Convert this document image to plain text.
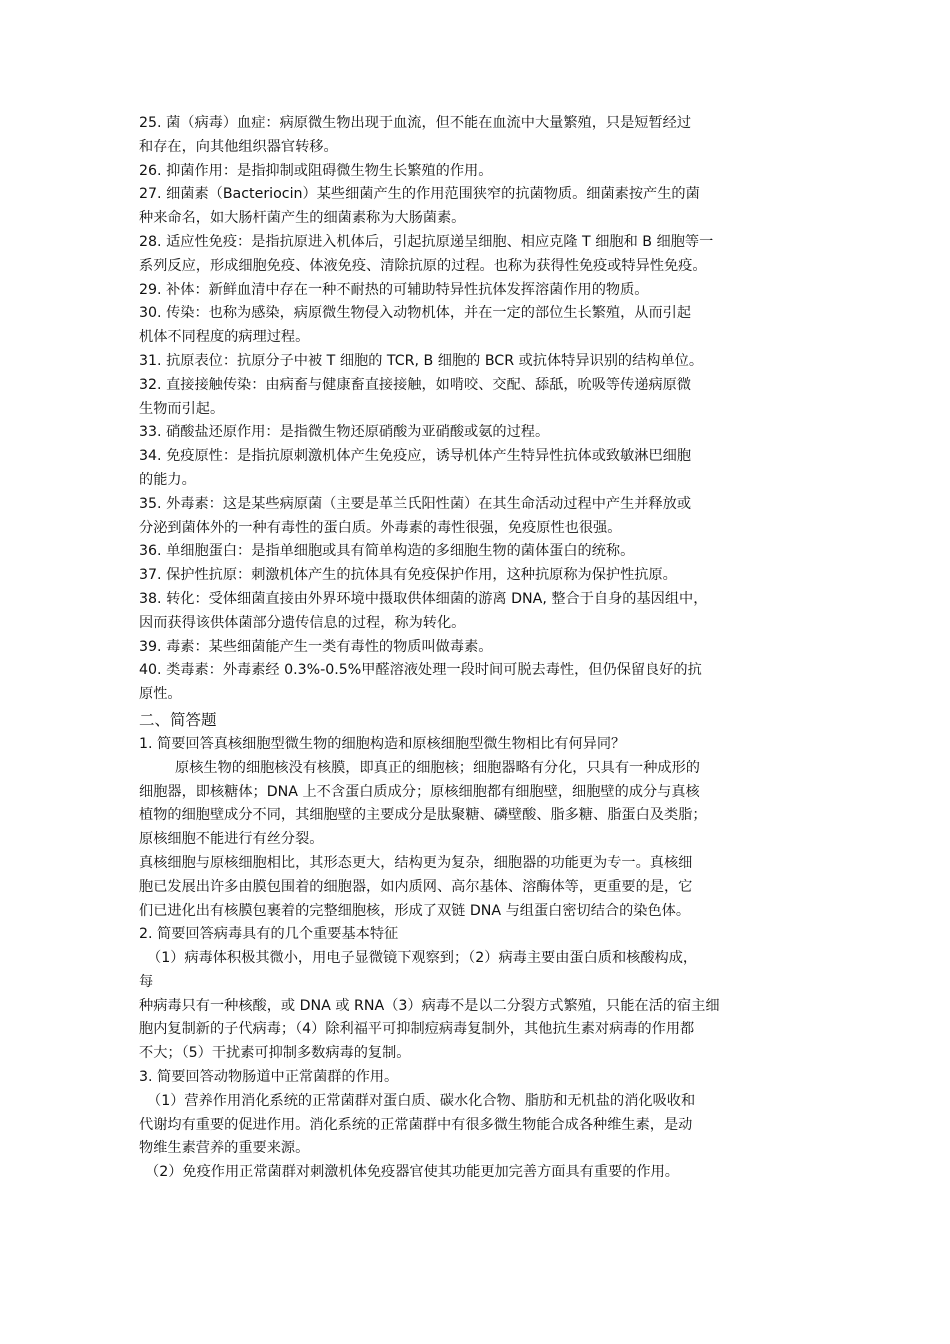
25. 菌（病毒）血症：病原微生物出现于血流，但不能在血流中大量繁殖，只是短暂经过
和存在，向其他组织器官转移。
26. 抑菌作用：是指抑制或阻碍微生物生长繁殖的作用。
27. 细菌素（Bacteriocin）某些细菌产生的作用范围狭窄的抗菌物质。细菌素按产生的菌
种来命名，如大肠杆菌产生的细菌素称为大肠菌素。
28. 适应性免疫：是指抗原进入机体后，引起抗原递呈细胞、相应克隆 T 细胞和 B 细胞等一
系列反应，形成细胞免疫、体液免疫、清除抗原的过程。也称为获得性免疫或特异性免疫。
29. 补体：新鲜血清中存在一种不耐热的可辅助特异性抗体发挥溶菌作用的物质。
30. 传染：也称为感染，病原微生物侵入动物机体，并在一定的部位生长繁殖，从而引起
机体不同程度的病理过程。
31. 抗原表位：抗原分子中被 T 细胞的 TCR, B 细胞的 BCR 或抗体特异识别的结构单位。
32. 直接接触传染：由病畜与健康畜直接接触，如啃咬、交配、舔舐，吮吸等传递病原微
生物而引起。
33. 硝酸盐还原作用：是指微生物还原硝酸为亚硝酸或氨的过程。
34. 免疫原性：是指抗原刺激机体产生免疫应，诱导机体产生特异性抗体或致敏淋巴细胞
的能力。
35. 外毒素：这是某些病原菌（主要是革兰氏阳性菌）在其生命活动过程中产生并释放或
分泌到菌体外的一种有毒性的蛋白质。外毒素的毒性很强，免疫原性也很强。
36. 单细胞蛋白：是指单细胞或具有简单构造的多细胞生物的菌体蛋白的统称。
37. 保护性抗原：刺激机体产生的抗体具有免疫保护作用，这种抗原称为保护性抗原。
38. 转化：受体细菌直接由外界环境中摄取供体细菌的游离 DNA, 整合于自身的基因组中，
因而获得该供体菌部分遗传信息的过程，称为转化。
39. 毒素：某些细菌能产生一类有毒性的物质叫做毒素。
40. 类毒素：外毒素经 0.3%-0.5%甲醛溶液处理一段时间可脱去毒性，但仍保留良好的抗
原性。
二、简答题
1. 简要回答真核细胞型微生物的细胞构造和原核细胞型微生物相比有何异同？
原核生物的细胞核没有核膜，即真正的细胞核；细胞器略有分化，只具有一种成形的
细胞器，即核糖体；DNA 上不含蛋白质成分；原核细胞都有细胞壁，细胞壁的成分与真核
植物的细胞壁成分不同，其细胞壁的主要成分是肽聚糖、磷壁酸、脂多糖、脂蛋白及类脂；
原核细胞不能进行有丝分裂。
真核细胞与原核细胞相比，其形态更大，结构更为复杂，细胞器的功能更为专一。真核细
胞已发展出许多由膜包围着的细胞器，如内质网、高尔基体、溶酶体等，更重要的是，它
们已进化出有核膜包裹着的完整细胞核，形成了双链 DNA 与组蛋白密切结合的染色体。
2. 简要回答病毒具有的几个重要基本特征
（1）病毒体积极其微小，用电子显微镜下观察到；（2）病毒主要由蛋白质和核酸构成，
每
种病毒只有一种核酸，或 DNA 或 RNA（3）病毒不是以二分裂方式繁殖，只能在活的宿主细
胞内复制新的子代病毒；（4）除利福平可抑制痘病毒复制外，其他抗生素对病毒的作用都
不大；（5）干扰素可抑制多数病毒的复制。
3. 简要回答动物肠道中正常菌群的作用。
（1）营养作用消化系统的正常菌群对蛋白质、碳水化合物、脂肪和无机盐的消化吸收和
代谢均有重要的促进作用。消化系统的正常菌群中有很多微生物能合成各种维生素，是动
物维生素营养的重要来源。
（2）免疫作用正常菌群对刺激机体免疫器官使其功能更加完善方面具有重要的作用。
